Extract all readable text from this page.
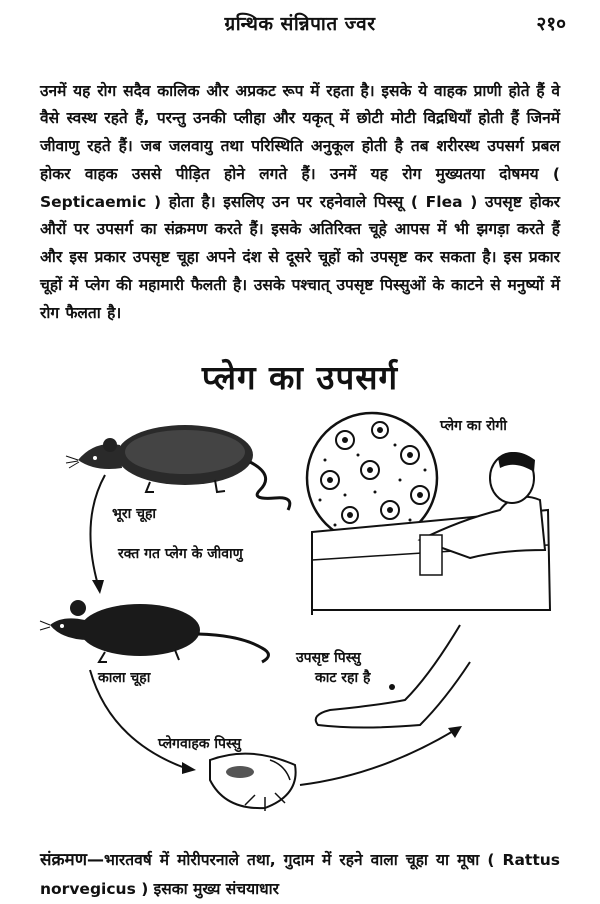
ग्रन्थिक संन्निपात ज्वर	२१०

उनमें यह रोग सदैव कालिक और अप्रकट रूप में रहता है। इसके ये वाहक प्राणी होते हैं वे वैसे स्वस्थ रहते हैं, परन्तु उनकी प्लीहा और यकृत् में छोटी मोटी विद्रधियाँ होती हैं जिनमें जीवाणु रहते हैं। जब जलवायु तथा परिस्थिति अनुकूल होती है तब शरीरस्थ उपसर्ग प्रबल होकर वाहक उससे पीड़ित होने लगते हैं। उनमें यह रोग मुख्यतया दोषमय ( Septicaemic ) होता है। इसलिए उन पर रहनेवाले पिस्सू ( Flea ) उपसृष्ट होकर औरों पर उपसर्ग का संक्रमण करते हैं। इसके अतिरिक्त चूहे आपस में भी झगड़ा करते हैं और इस प्रकार उपसृष्ट चूहा अपने दंश से दूसरे चूहों को उपसृष्ट कर सकता है। इस प्रकार चूहों में प्लेग की महामारी फैलती है। उसके पश्चात् उपसृष्ट पिस्सुओं के काटने से मनुष्यों में रोग फैलता है।

प्लेग का उपसर्ग
भूरा चूहा
प्लेग का रोगी
रक्त गत प्लेग के जीवाणु
काला चूहा
उपसृष्ट पिस्सु
काट रहा है
प्लेगवाहक पिस्सु

संक्रमण—भारतवर्ष में मोरीपरनाले तथा, गुदाम में रहने वाला चूहा या मूषा ( Rattus norvegicus ) इसका मुख्य संचयाधार
